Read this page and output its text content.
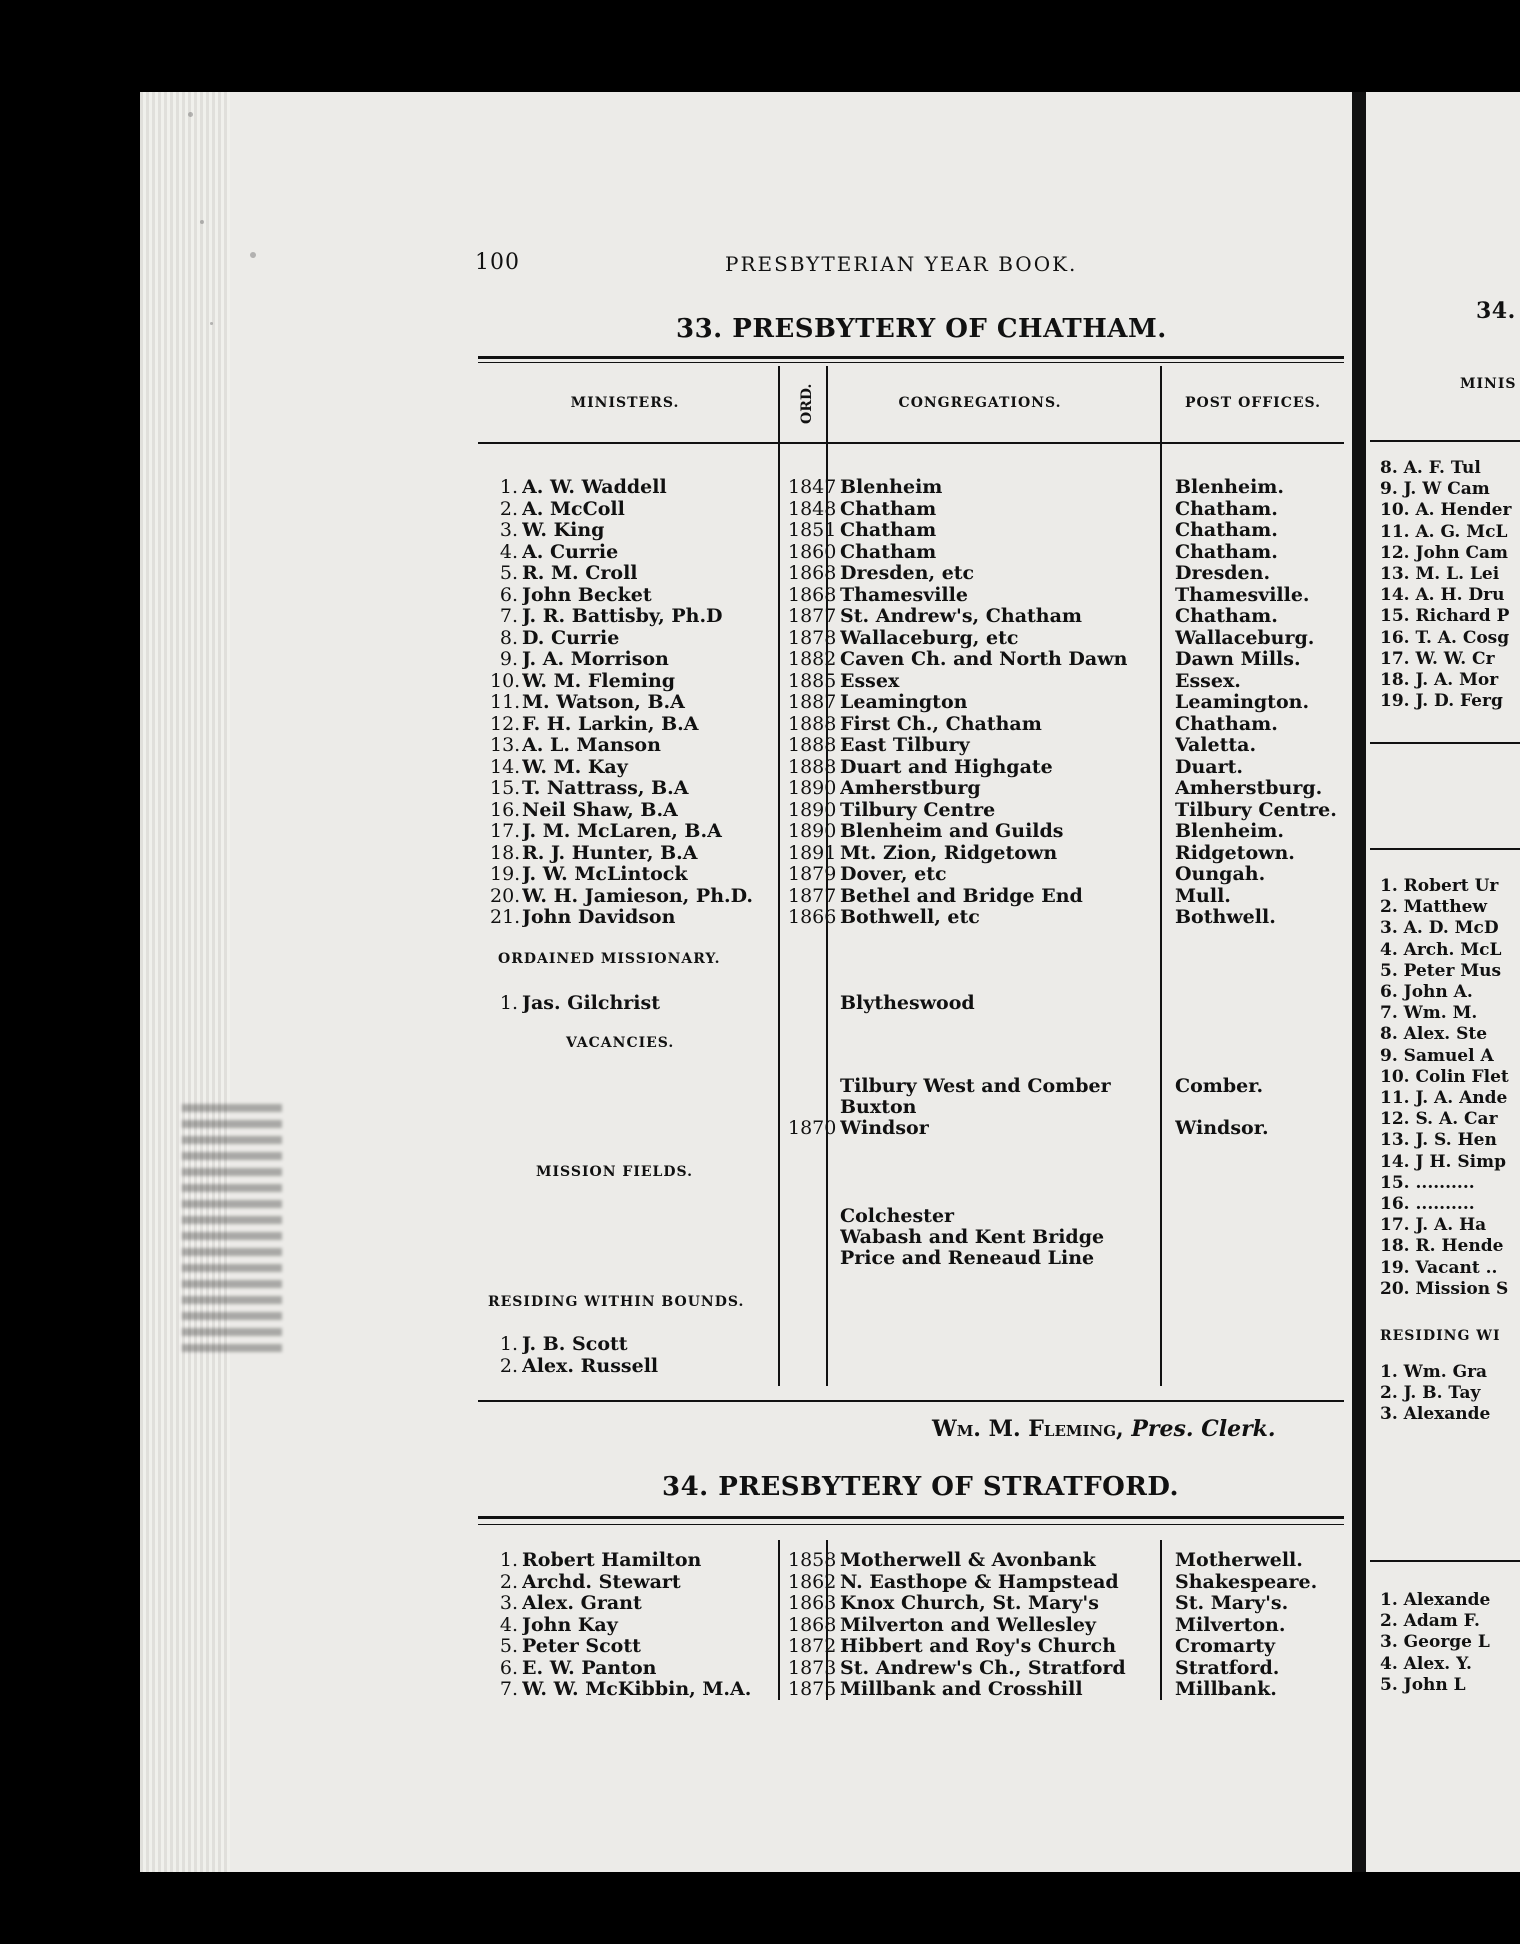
100	PRESBYTERIAN YEAR BOOK.
33. PRESBYTERY OF CHATHAM.
MINISTERS.	ORD.	CONGREGATIONS.	POST OFFICES.
1. A. W. Waddell	1847 Blenheim	Blenheim.
2. A. McColl	1848 Chatham	Chatham.
3. W. King	1851 Chatham	Chatham.
4. A. Currie	1860 Chatham	Chatham.
5. R. M. Croll	1868 Dresden, etc	Dresden.
6. John Becket	1868 Thamesville	Thamesville.
7. J. R. Battisby, Ph.D	1877 St. Andrew's, Chatham	Chatham.
8. D. Currie	1878 Wallaceburg, etc	Wallaceburg.
9. J. A. Morrison	1882 Caven Ch. and North Dawn	Dawn Mills.
10. W. M. Fleming	1885 Essex	Essex.
11. M. Watson, B.A	1887 Leamington	Leamington.
12. F. H. Larkin, B.A	1888 First Ch., Chatham	Chatham.
13. A. L. Manson	1888 East Tilbury	Valetta.
14. W. M. Kay	1888 Duart and Highgate	Duart.
15. T. Nattrass, B.A	1890 Amherstburg	Amherstburg.
16. Neil Shaw, B.A	1890 Tilbury Centre	Tilbury Centre.
17. J. M. McLaren, B.A	1890 Blenheim and Guilds	Blenheim.
18. R. J. Hunter, B.A	1891 Mt. Zion, Ridgetown	Ridgetown.
19. J. W. McLintock	1879 Dover, etc	Oungah.
20. W. H. Jamieson, Ph.D.	1877 Bethel and Bridge End	Mull.
21. John Davidson	1866 Bothwell, etc	Bothwell.
ORDAINED MISSIONARY.
1. Jas. Gilchrist	Blytheswood
VACANCIES.
Tilbury West and Comber	Comber.
Buxton
1870 Windsor	Windsor.
MISSION FIELDS.
Colchester
Wabash and Kent Bridge
Price and Reneaud Line
RESIDING WITHIN BOUNDS.
1. J. B. Scott
2. Alex. Russell
Wm. M. Fleming, Pres. Clerk.
34. PRESBYTERY OF STRATFORD.
1. Robert Hamilton	1858 Motherwell & Avonbank	Motherwell.
2. Archd. Stewart	1862 N. Easthope & Hampstead	Shakespeare.
3. Alex. Grant	1863 Knox Church, St. Mary's	St. Mary's.
4. John Kay	1868 Milverton and Wellesley	Milverton.
5. Peter Scott	1872 Hibbert and Roy's Church	Cromarty
6. E. W. Panton	1873 St. Andrew's Ch., Stratford	Stratford.
7. W. W. McKibbin, M.A.	1875 Millbank and Crosshill	Millbank.
34.
MINIS
8. A. F. Tul
9. J. W Cam
10. A. Hender
11. A. G. McL
12. John Cam
13. M. L. Lei
14. A. H. Dru
15. Richard P
16. T. A. Cosg
17. W. W. Cr
18. J. A. Mor
19. J. D. Ferg
1. Robert Ur
2. Matthew
3. A. D. McD
4. Arch. McL
5. Peter Mus
6. John A.
7. Wm. M.
8. Alex. Ste
9. Samuel A
10. Colin Flet
11. J. A. Ande
12. S. A. Car
13. J. S. Hen
14. J H. Simp
15. ..........
16. ..........
17. J. A. Ha
18. R. Hende
19. Vacant ..
20. Mission S
RESIDING WI
1. Wm. Gra
2. J. B. Tay
3. Alexande
1. Alexande
2. Adam F.
3. George L
4. Alex. Y.
5. John L
